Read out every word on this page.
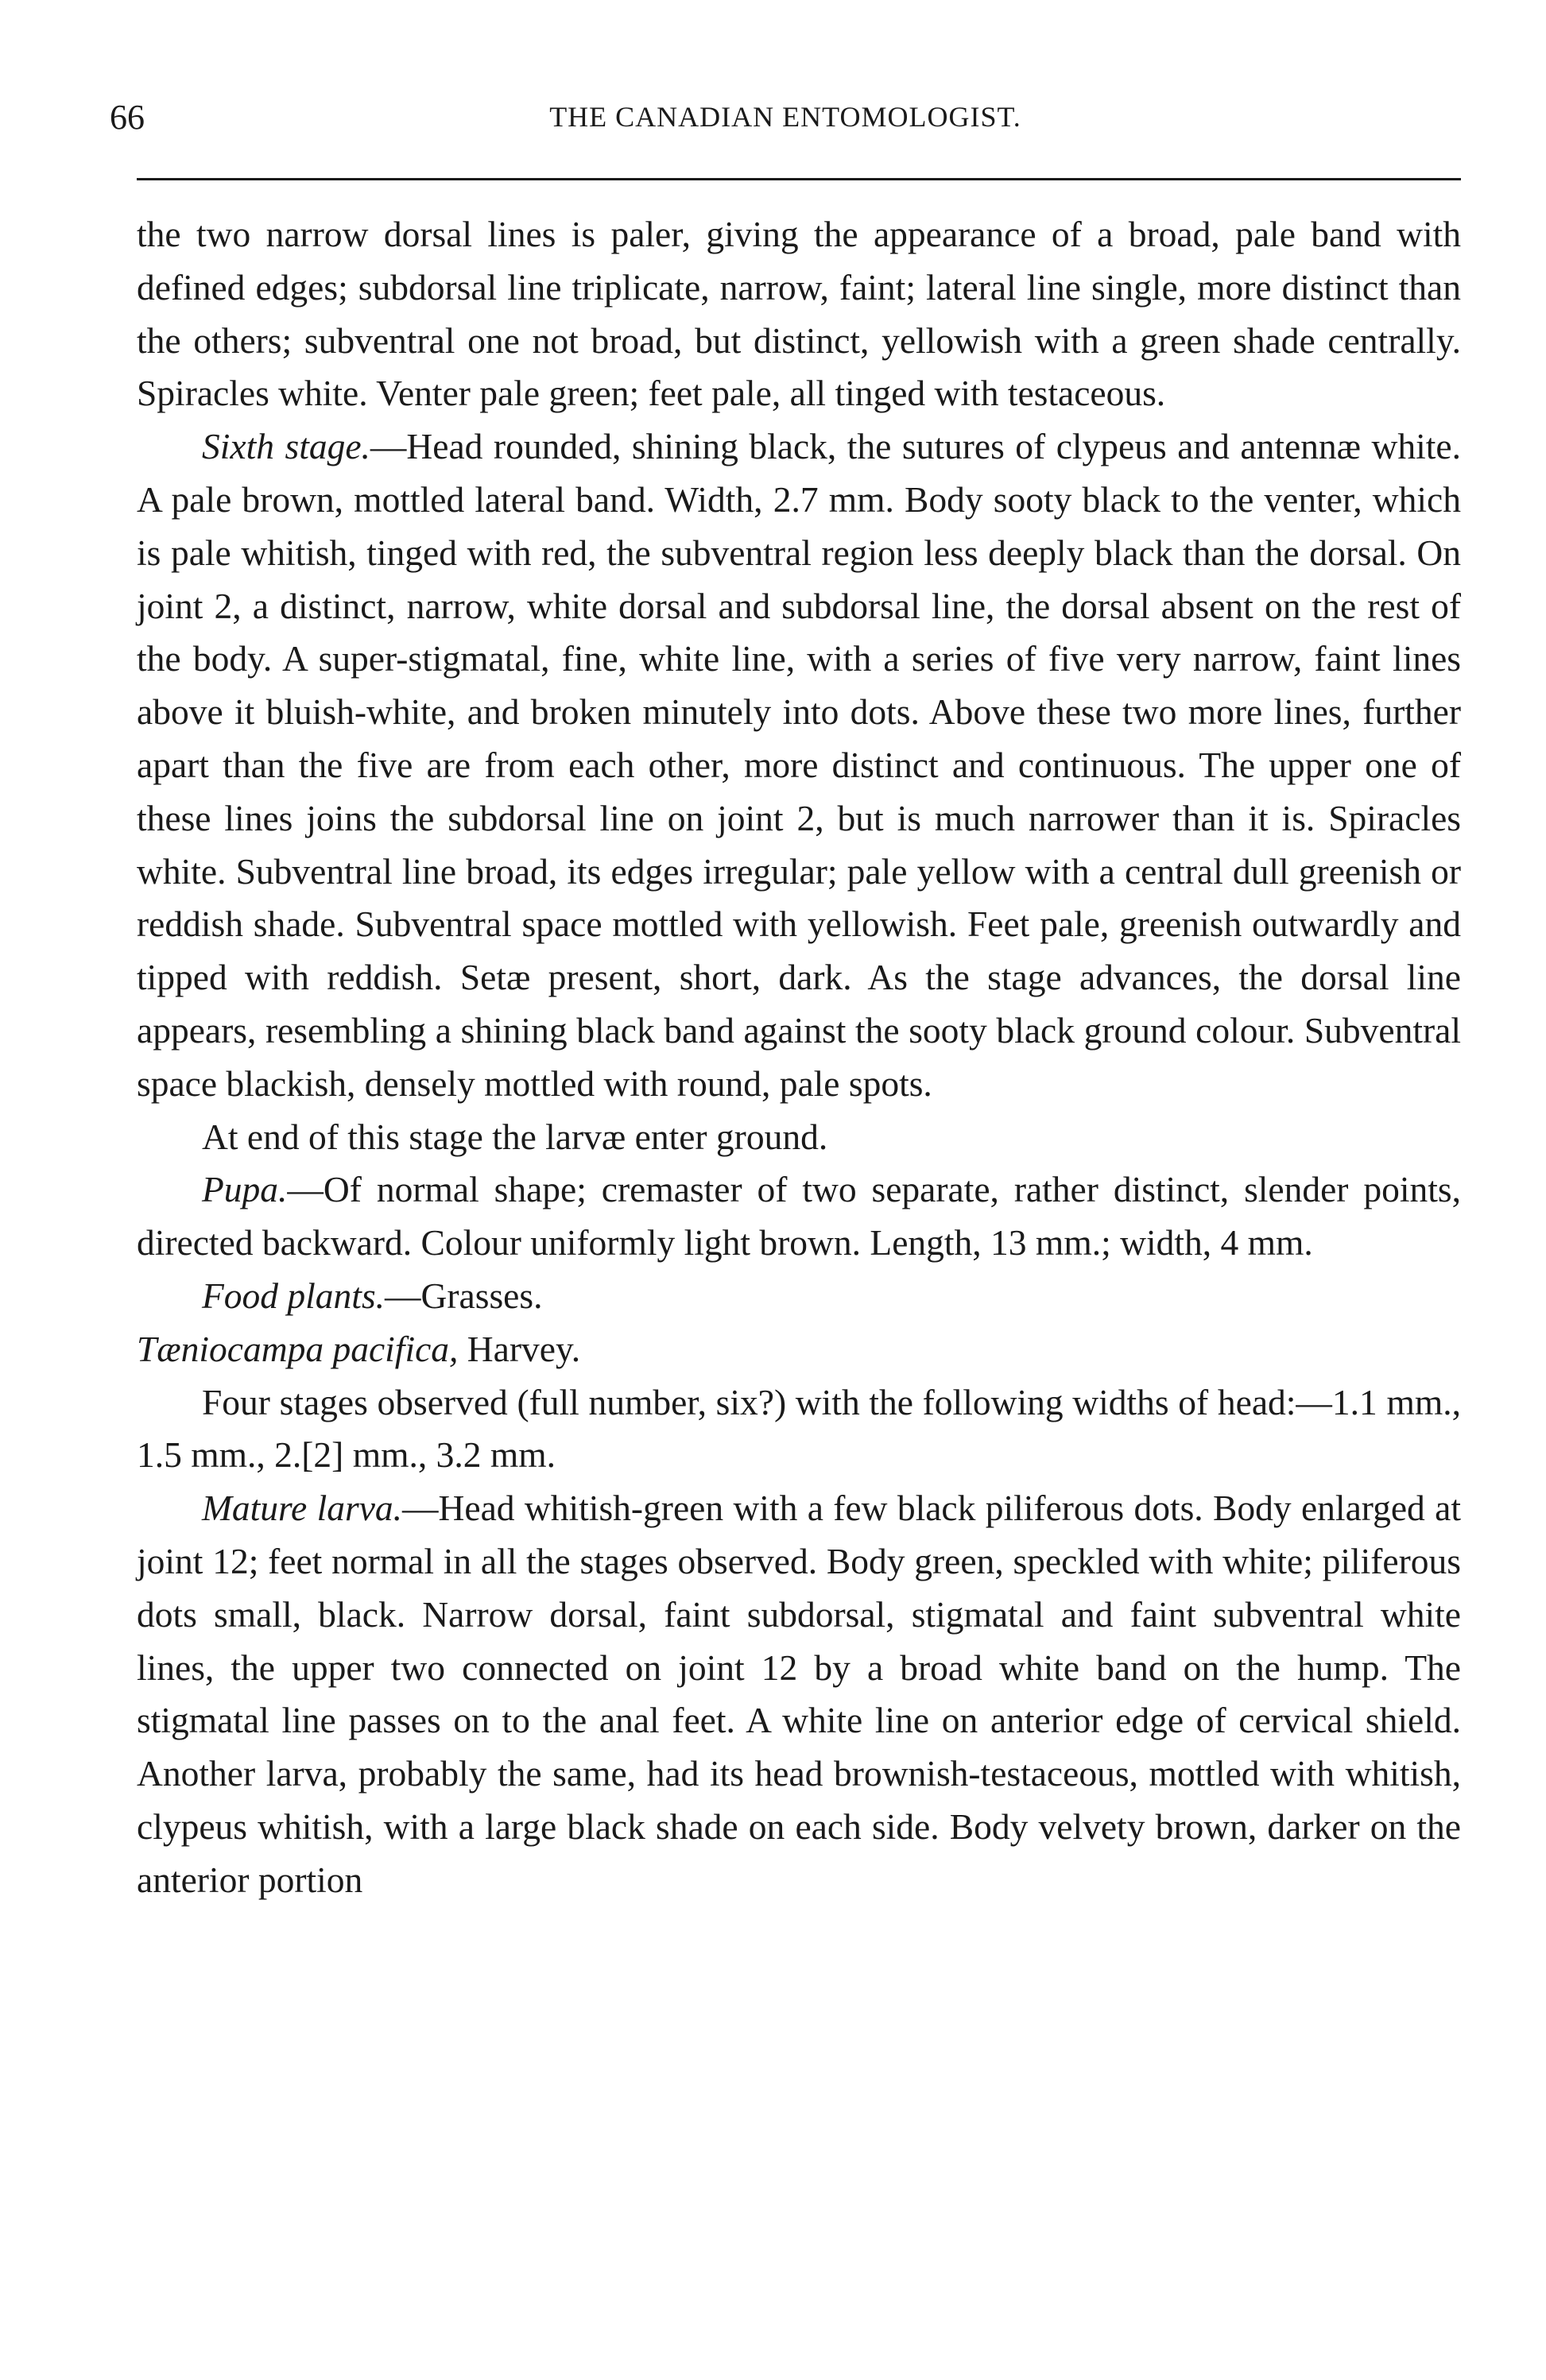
66	THE CANADIAN ENTOMOLOGIST.

the two narrow dorsal lines is paler, giving the appearance of a broad, pale band with defined edges; subdorsal line triplicate, narrow, faint; lateral line single, more distinct than the others; subventral one not broad, but distinct, yellowish with a green shade centrally. Spiracles white. Venter pale green; feet pale, all tinged with testaceous.

Sixth stage.—Head rounded, shining black, the sutures of clypeus and antennæ white. A pale brown, mottled lateral band. Width, 2.7 mm. Body sooty black to the venter, which is pale whitish, tinged with red, the subventral region less deeply black than the dorsal. On joint 2, a distinct, narrow, white dorsal and subdorsal line, the dorsal absent on the rest of the body. A super-stigmatal, fine, white line, with a series of five very narrow, faint lines above it bluish-white, and broken minutely into dots. Above these two more lines, further apart than the five are from each other, more distinct and continuous. The upper one of these lines joins the subdorsal line on joint 2, but is much narrower than it is. Spiracles white. Subventral line broad, its edges irregular; pale yellow with a central dull greenish or reddish shade. Subventral space mottled with yellowish. Feet pale, greenish outwardly and tipped with reddish. Setæ present, short, dark. As the stage advances, the dorsal line appears, resembling a shining black band against the sooty black ground colour. Subventral space blackish, densely mottled with round, pale spots.

At end of this stage the larvæ enter ground.

Pupa.—Of normal shape; cremaster of two separate, rather distinct, slender points, directed backward. Colour uniformly light brown. Length, 13 mm.; width, 4 mm.

Food plants.—Grasses.

Tæniocampa pacifica, Harvey.

Four stages observed (full number, six?) with the following widths of head:—1.1 mm., 1.5 mm., 2.[2] mm., 3.2 mm.

Mature larva.—Head whitish-green with a few black piliferous dots. Body enlarged at joint 12; feet normal in all the stages observed. Body green, speckled with white; piliferous dots small, black. Narrow dorsal, faint subdorsal, stigmatal and faint subventral white lines, the upper two connected on joint 12 by a broad white band on the hump. The stigmatal line passes on to the anal feet. A white line on anterior edge of cervical shield. Another larva, probably the same, had its head brownish-testaceous, mottled with whitish, clypeus whitish, with a large black shade on each side. Body velvety brown, darker on the anterior portion
